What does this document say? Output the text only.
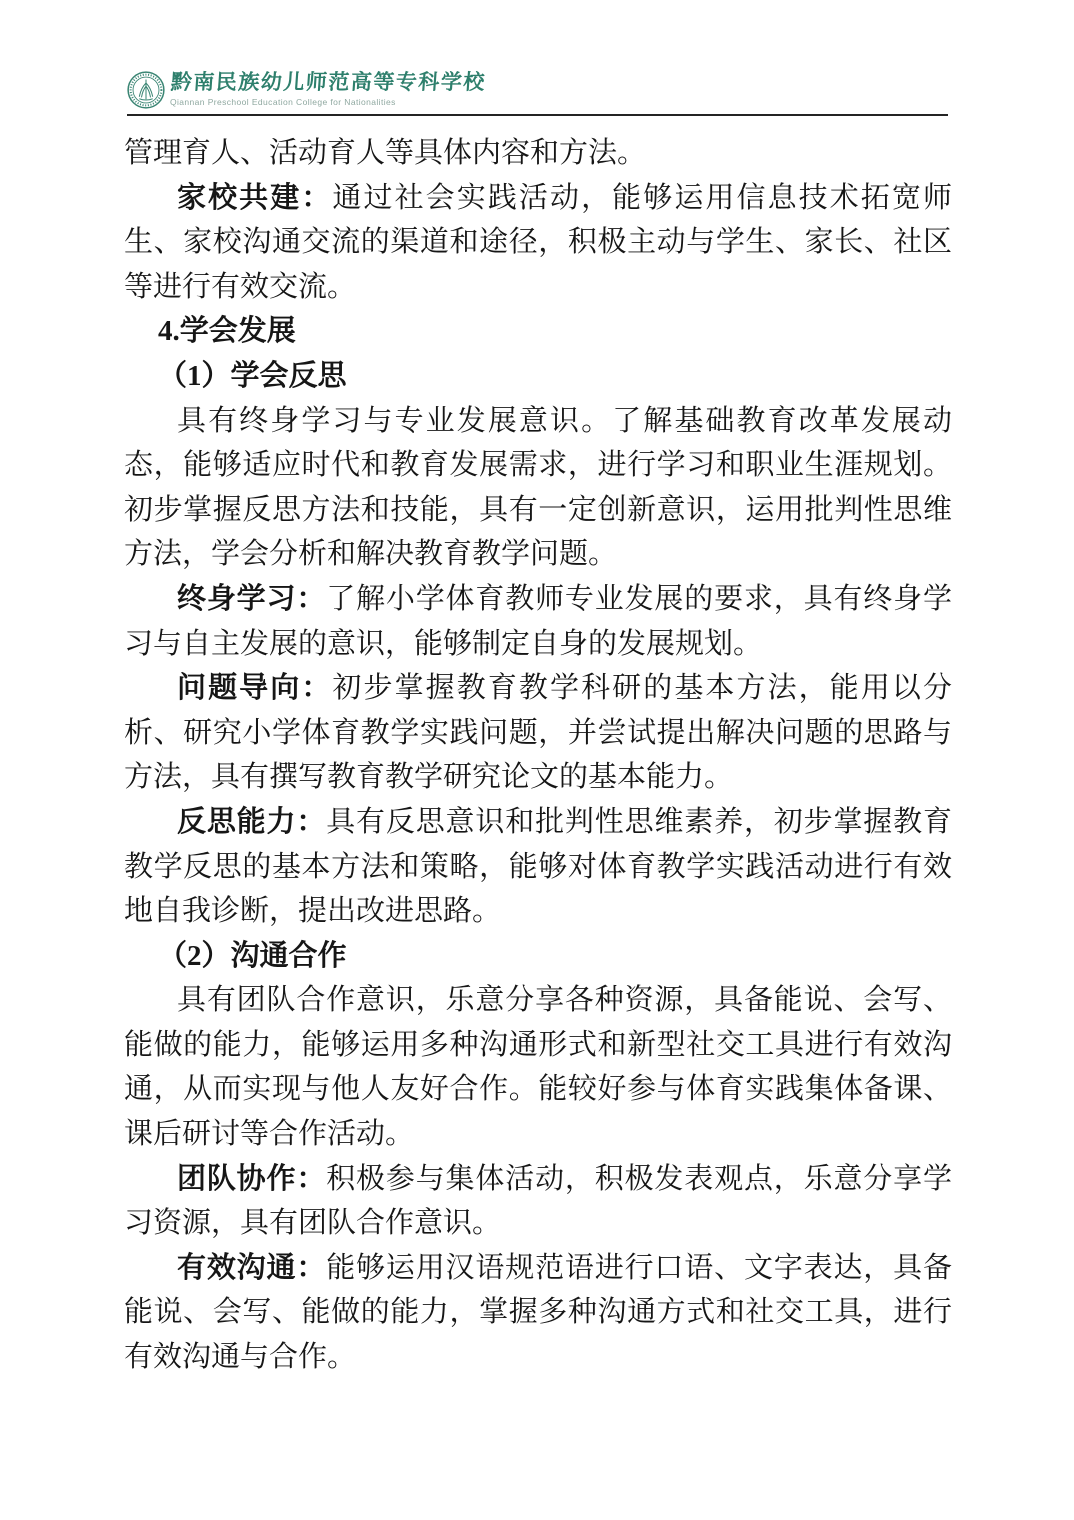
黔南民族幼儿师范高等专科学校
Qiannan Preschool Education College for Nationalities

管理育人、活动育人等具体内容和方法。

家校共建：通过社会实践活动，能够运用信息技术拓宽师生、家校沟通交流的渠道和途径，积极主动与学生、家长、社区等进行有效交流。

4.学会发展

（1）学会反思

具有终身学习与专业发展意识。了解基础教育改革发展动态，能够适应时代和教育发展需求，进行学习和职业生涯规划。初步掌握反思方法和技能，具有一定创新意识，运用批判性思维方法，学会分析和解决教育教学问题。

终身学习：了解小学体育教师专业发展的要求，具有终身学习与自主发展的意识，能够制定自身的发展规划。

问题导向：初步掌握教育教学科研的基本方法，能用以分析、研究小学体育教学实践问题，并尝试提出解决问题的思路与方法，具有撰写教育教学研究论文的基本能力。

反思能力：具有反思意识和批判性思维素养，初步掌握教育教学反思的基本方法和策略，能够对体育教学实践活动进行有效地自我诊断，提出改进思路。

（2）沟通合作

具有团队合作意识，乐意分享各种资源，具备能说、会写、能做的能力，能够运用多种沟通形式和新型社交工具进行有效沟通，从而实现与他人友好合作。能较好参与体育实践集体备课、课后研讨等合作活动。

团队协作：积极参与集体活动，积极发表观点，乐意分享学习资源，具有团队合作意识。

有效沟通：能够运用汉语规范语进行口语、文字表达，具备能说、会写、能做的能力，掌握多种沟通方式和社交工具，进行有效沟通与合作。
